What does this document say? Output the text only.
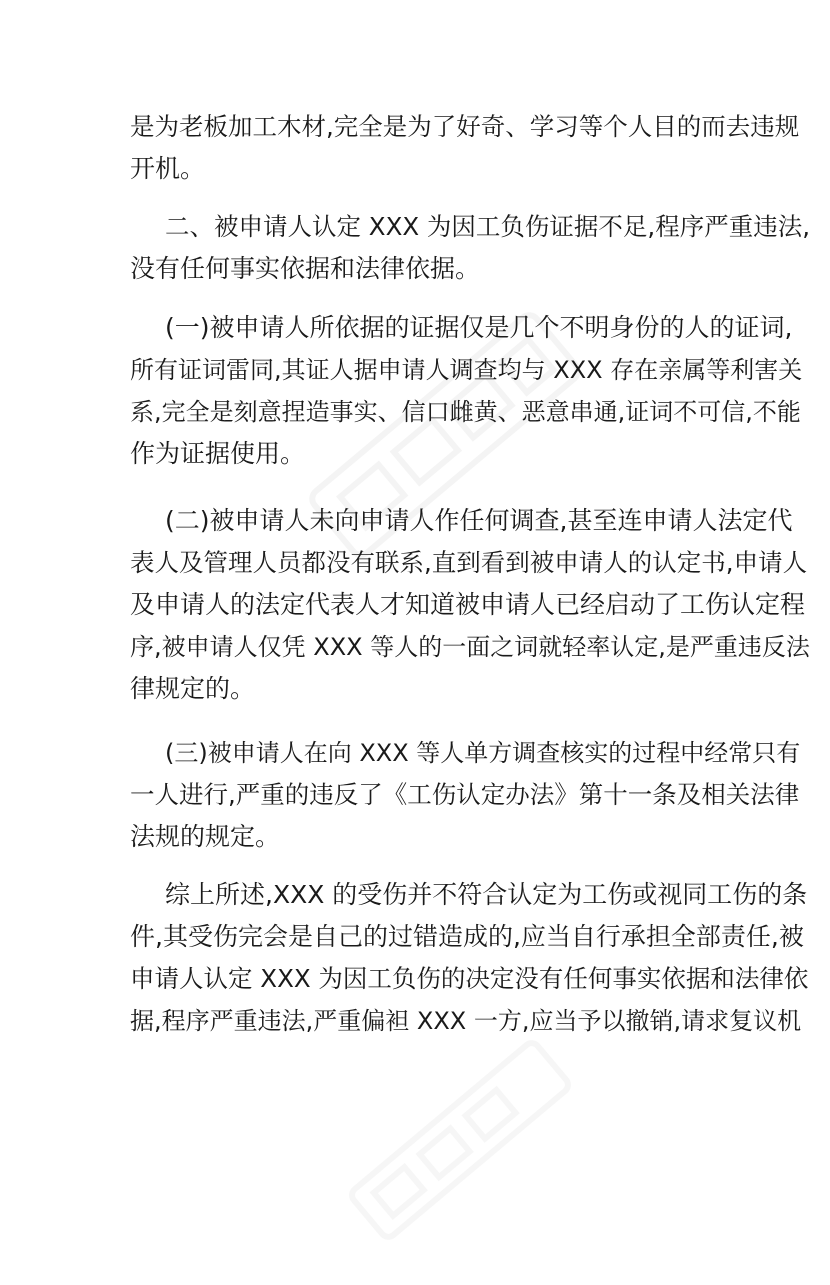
是为老板加工木材,完全是为了好奇、学习等个人目的而去违规
开机。
二、被申请人认定 XXX 为因工负伤证据不足,程序严重违法,
没有任何事实依据和法律依据。
(一)被申请人所依据的证据仅是几个不明身份的人的证词,
所有证词雷同,其证人据申请人调查均与 XXX 存在亲属等利害关
系,完全是刻意捏造事实、信口雌黄、恶意串通,证词不可信,不能
作为证据使用。
(二)被申请人未向申请人作任何调查,甚至连申请人法定代
表人及管理人员都没有联系,直到看到被申请人的认定书,申请人
及申请人的法定代表人才知道被申请人已经启动了工伤认定程
序,被申请人仅凭 XXX 等人的一面之词就轻率认定,是严重违反法
律规定的。
(三)被申请人在向 XXX 等人单方调查核实的过程中经常只有
一人进行,严重的违反了《工伤认定办法》第十一条及相关法律
法规的规定。
综上所述,XXX 的受伤并不符合认定为工伤或视同工伤的条
件,其受伤完会是自己的过错造成的,应当自行承担全部责任,被
申请人认定 XXX 为因工负伤的决定没有任何事实依据和法律依
据,程序严重违法,严重偏袒 XXX 一方,应当予以撤销,请求复议机
